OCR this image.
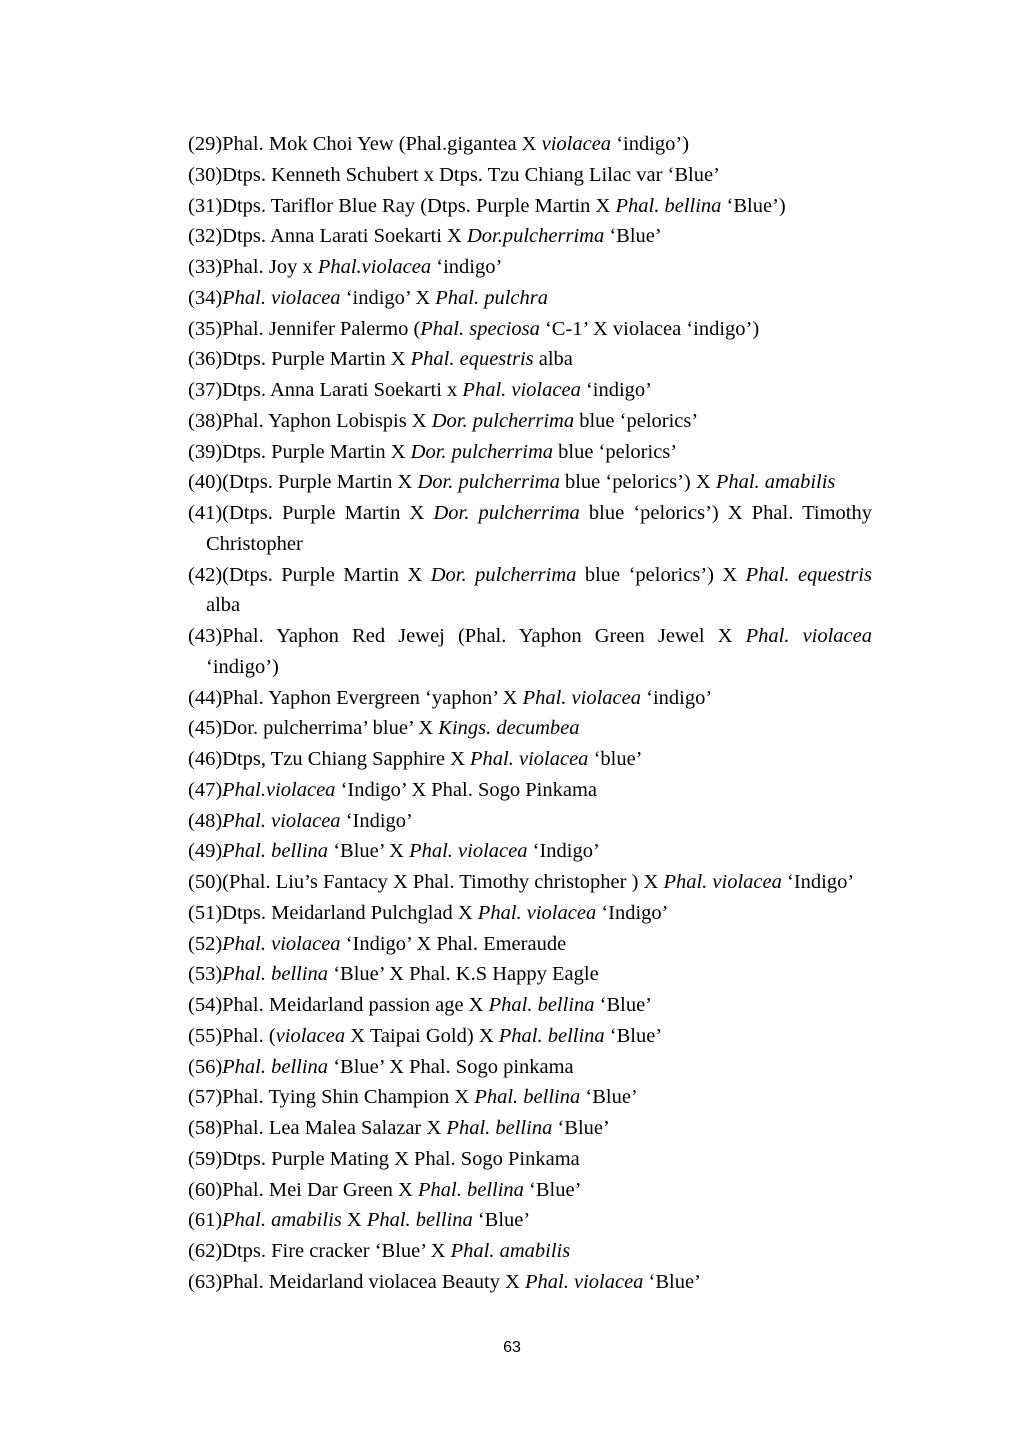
(29)Phal. Mok Choi Yew (Phal.gigantea X violacea ‘indigo’)
(30)Dtps. Kenneth Schubert x Dtps. Tzu Chiang Lilac var ‘Blue’
(31)Dtps. Tariflor Blue Ray (Dtps. Purple Martin X Phal. bellina ‘Blue’)
(32)Dtps. Anna Larati Soekarti X Dor.pulcherrima ‘Blue’
(33)Phal. Joy x Phal.violacea ‘indigo’
(34)Phal. violacea ‘indigo’ X Phal. pulchra
(35)Phal. Jennifer Palermo (Phal. speciosa ‘C-1’ X violacea ‘indigo’)
(36)Dtps. Purple Martin X Phal. equestris alba
(37)Dtps. Anna Larati Soekarti x Phal. violacea ‘indigo’
(38)Phal. Yaphon Lobispis X Dor. pulcherrima blue ‘pelorics’
(39)Dtps. Purple Martin X Dor. pulcherrima blue ‘pelorics’
(40)(Dtps. Purple Martin X Dor. pulcherrima blue ‘pelorics’) X Phal. amabilis
(41)(Dtps. Purple Martin X Dor. pulcherrima blue ‘pelorics’) X Phal. Timothy
Christopher
(42)(Dtps. Purple Martin X Dor. pulcherrima blue ‘pelorics’) X Phal. equestris
alba
(43)Phal. Yaphon Red Jewej (Phal. Yaphon Green Jewel X Phal. violacea
‘indigo’)
(44)Phal. Yaphon Evergreen ‘yaphon’ X Phal. violacea ‘indigo’
(45)Dor. pulcherrima’ blue’ X Kings. decumbea
(46)Dtps, Tzu Chiang Sapphire X Phal. violacea ‘blue’
(47)Phal.violacea ‘Indigo’ X Phal. Sogo Pinkama
(48)Phal. violacea ‘Indigo’
(49)Phal. bellina ‘Blue’ X Phal. violacea ‘Indigo’
(50)(Phal. Liu’s Fantacy X Phal. Timothy christopher ) X Phal. violacea ‘Indigo’
(51)Dtps. Meidarland Pulchglad X Phal. violacea ‘Indigo’
(52)Phal. violacea ‘Indigo’ X Phal. Emeraude
(53)Phal. bellina ‘Blue’ X Phal. K.S Happy Eagle
(54)Phal. Meidarland passion age X Phal. bellina ‘Blue’
(55)Phal. (violacea X Taipai Gold) X Phal. bellina ‘Blue’
(56)Phal. bellina ‘Blue’ X Phal. Sogo pinkama
(57)Phal. Tying Shin Champion X Phal. bellina ‘Blue’
(58)Phal. Lea Malea Salazar X Phal. bellina ‘Blue’
(59)Dtps. Purple Mating X Phal. Sogo Pinkama
(60)Phal. Mei Dar Green X Phal. bellina ‘Blue’
(61)Phal. amabilis X Phal. bellina ‘Blue’
(62)Dtps. Fire cracker ‘Blue’ X Phal. amabilis
(63)Phal. Meidarland violacea Beauty X Phal. violacea ‘Blue’
63
